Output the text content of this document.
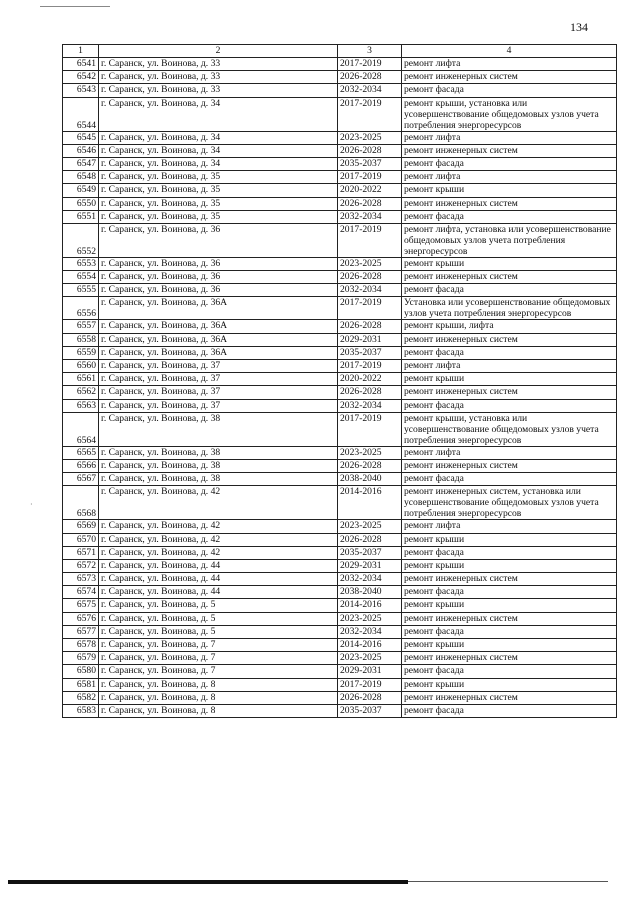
134
1	2	3	4
6541	г. Саранск, ул. Воинова, д. 33	2017-2019	ремонт лифта
6542	г. Саранск, ул. Воинова, д. 33	2026-2028	ремонт инженерных систем
6543	г. Саранск, ул. Воинова, д. 33	2032-2034	ремонт фасада
6544	г. Саранск, ул. Воинова, д. 34	2017-2019	ремонт крыши, установка или усовершенствование общедомовых узлов учета потребления энергоресурсов
6545	г. Саранск, ул. Воинова, д. 34	2023-2025	ремонт лифта
6546	г. Саранск, ул. Воинова, д. 34	2026-2028	ремонт инженерных систем
6547	г. Саранск, ул. Воинова, д. 34	2035-2037	ремонт фасада
6548	г. Саранск, ул. Воинова, д. 35	2017-2019	ремонт лифта
6549	г. Саранск, ул. Воинова, д. 35	2020-2022	ремонт крыши
6550	г. Саранск, ул. Воинова, д. 35	2026-2028	ремонт инженерных систем
6551	г. Саранск, ул. Воинова, д. 35	2032-2034	ремонт фасада
6552	г. Саранск, ул. Воинова, д. 36	2017-2019	ремонт лифта, установка или усовершенствование общедомовых узлов учета потребления энергоресурсов
6553	г. Саранск, ул. Воинова, д. 36	2023-2025	ремонт крыши
6554	г. Саранск, ул. Воинова, д. 36	2026-2028	ремонт инженерных систем
6555	г. Саранск, ул. Воинова, д. 36	2032-2034	ремонт фасада
6556	г. Саранск, ул. Воинова, д. 36А	2017-2019	Установка или усовершенствование общедомовых узлов учета потребления энергоресурсов
6557	г. Саранск, ул. Воинова, д. 36А	2026-2028	ремонт крыши, лифта
6558	г. Саранск, ул. Воинова, д. 36А	2029-2031	ремонт инженерных систем
6559	г. Саранск, ул. Воинова, д. 36А	2035-2037	ремонт фасада
6560	г. Саранск, ул. Воинова, д. 37	2017-2019	ремонт лифта
6561	г. Саранск, ул. Воинова, д. 37	2020-2022	ремонт крыши
6562	г. Саранск, ул. Воинова, д. 37	2026-2028	ремонт инженерных систем
6563	г. Саранск, ул. Воинова, д. 37	2032-2034	ремонт фасада
6564	г. Саранск, ул. Воинова, д. 38	2017-2019	ремонт крыши, установка или усовершенствование общедомовых узлов учета потребления энергоресурсов
6565	г. Саранск, ул. Воинова, д. 38	2023-2025	ремонт лифта
6566	г. Саранск, ул. Воинова, д. 38	2026-2028	ремонт инженерных систем
6567	г. Саранск, ул. Воинова, д. 38	2038-2040	ремонт фасада
6568	г. Саранск, ул. Воинова, д. 42	2014-2016	ремонт инженерных систем, установка или усовершенствование общедомовых узлов учета потребления энергоресурсов
6569	г. Саранск, ул. Воинова, д. 42	2023-2025	ремонт лифта
6570	г. Саранск, ул. Воинова, д. 42	2026-2028	ремонт крыши
6571	г. Саранск, ул. Воинова, д. 42	2035-2037	ремонт фасада
6572	г. Саранск, ул. Воинова, д. 44	2029-2031	ремонт крыши
6573	г. Саранск, ул. Воинова, д. 44	2032-2034	ремонт инженерных систем
6574	г. Саранск, ул. Воинова, д. 44	2038-2040	ремонт фасада
6575	г. Саранск, ул. Воинова, д. 5	2014-2016	ремонт крыши
6576	г. Саранск, ул. Воинова, д. 5	2023-2025	ремонт инженерных систем
6577	г. Саранск, ул. Воинова, д. 5	2032-2034	ремонт фасада
6578	г. Саранск, ул. Воинова, д. 7	2014-2016	ремонт крыши
6579	г. Саранск, ул. Воинова, д. 7	2023-2025	ремонт инженерных систем
6580	г. Саранск, ул. Воинова, д. 7	2029-2031	ремонт фасада
6581	г. Саранск, ул. Воинова, д. 8	2017-2019	ремонт крыши
6582	г. Саранск, ул. Воинова, д. 8	2026-2028	ремонт инженерных систем
6583	г. Саранск, ул. Воинова, д. 8	2035-2037	ремонт фасада
·
